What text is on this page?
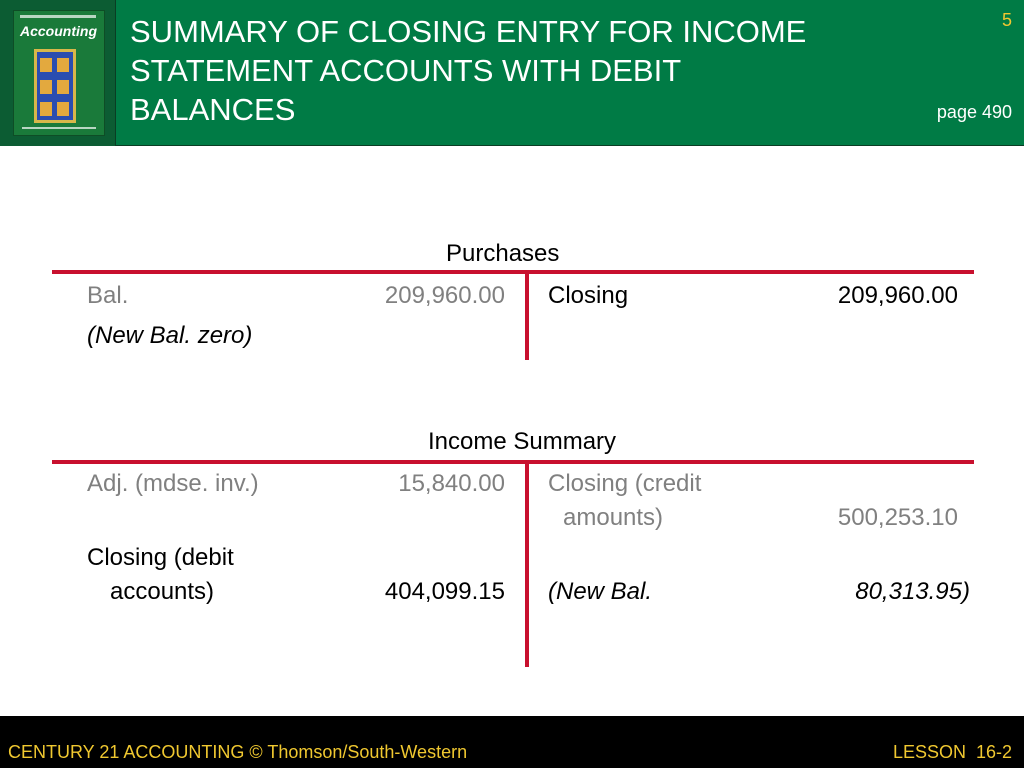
Accounting SUMMARY OF CLOSING ENTRY FOR INCOME STATEMENT ACCOUNTS WITH DEBIT BALANCES
5
page 490
Purchases
Bal.	209,960.00
(New Bal. zero)
Closing	209,960.00
Income Summary
Adj. (mdse. inv.)	15,840.00
Closing (debit
accounts)	404,099.15
Closing (credit
amounts)	500,253.10
(New Bal.	80,313.95)
CENTURY 21 ACCOUNTING © Thomson/South-Western	LESSON  16-2
